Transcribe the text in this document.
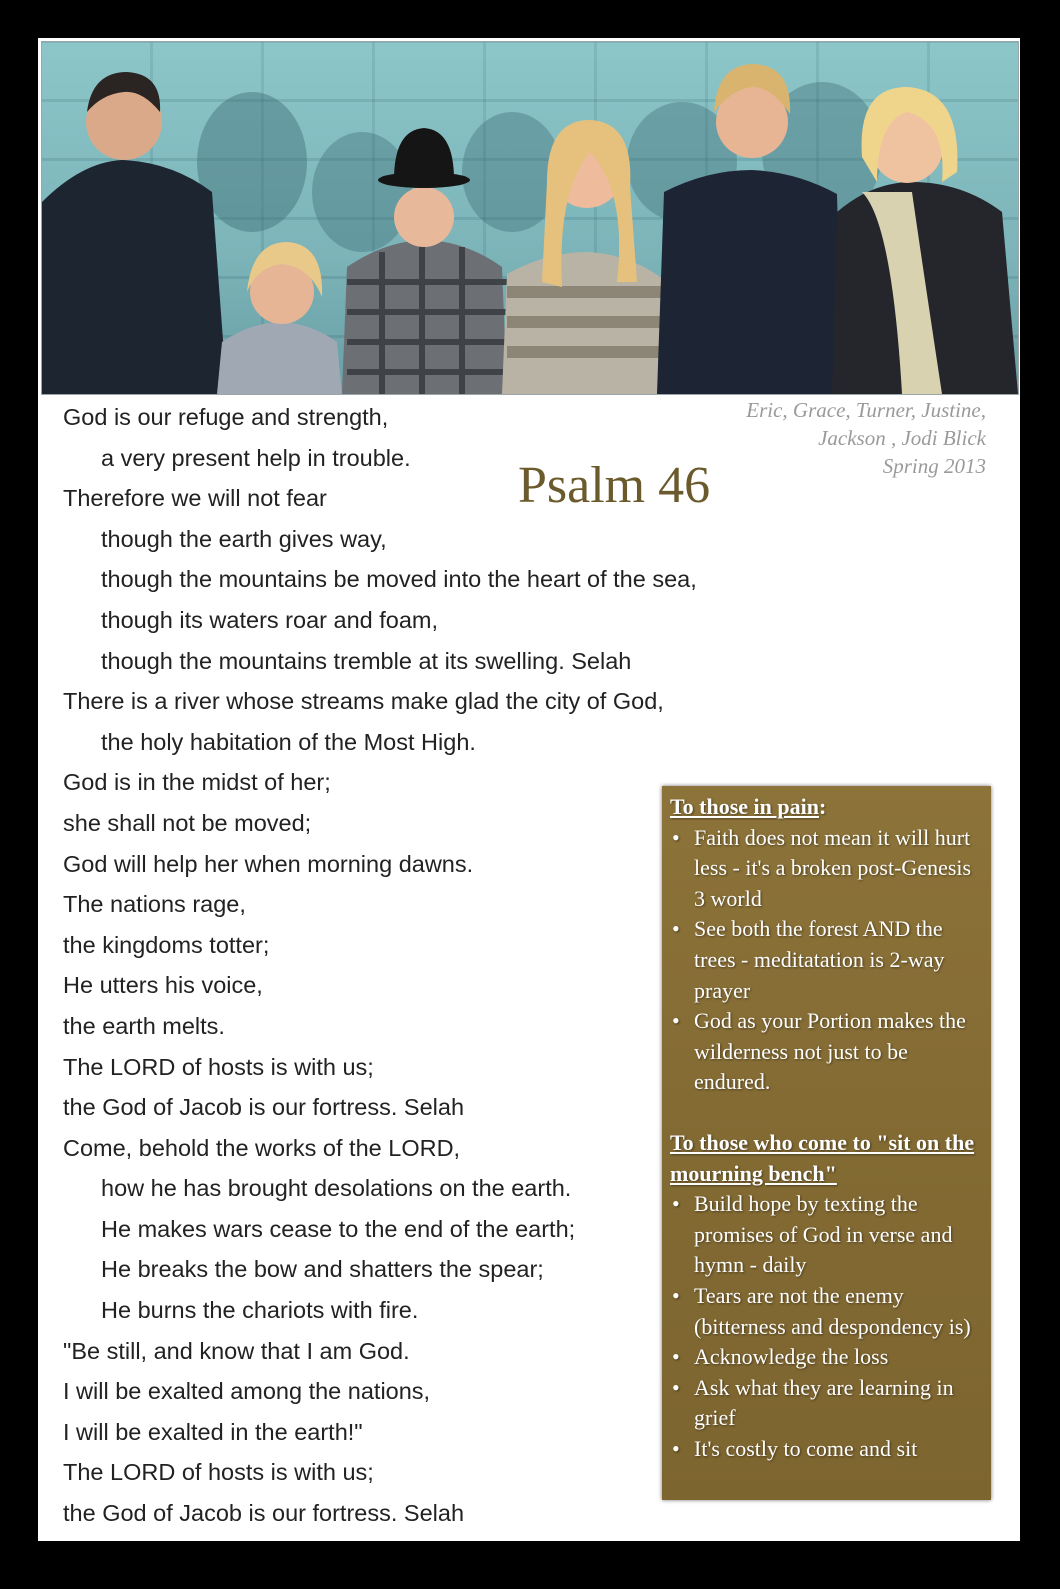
Eric, Grace, Turner, Justine,
Jackson , Jodi Blick
Spring 2013
Psalm 46
God is our refuge and strength,
a very present help in trouble.
Therefore we will not fear
though the earth gives way,
though the mountains be moved into the heart of the sea,
though its waters roar and foam,
though the mountains tremble at its swelling. Selah
There is a river whose streams make glad the city of God,
the holy habitation of the Most High.
God is in the midst of her;
she shall not be moved;
God will help her when morning dawns.
The nations rage,
the kingdoms totter;
He utters his voice,
the earth melts.
The LORD of hosts is with us;
the God of Jacob is our fortress. Selah
Come, behold the works of the LORD,
how he has brought desolations on the earth.
He makes wars cease to the end of the earth;
He breaks the bow and shatters the spear;
He burns the chariots with fire.
"Be still, and know that I am God.
I will be exalted among the nations,
I will be exalted in the earth!"
The LORD of hosts is with us;
the God of Jacob is our fortress. Selah
To those in pain:
• Faith does not mean it will hurt less - it's a broken post-Genesis 3 world
• See both the forest AND the trees - meditatation is 2-way prayer
• God as your Portion makes the wilderness not just to be endured.
To those who come to "sit on the mourning bench"
• Build hope by texting the promises of God in verse and hymn - daily
• Tears are not the enemy (bitterness and despondency is)
• Acknowledge the loss
• Ask what they are learning in grief
• It's costly to come and sit
